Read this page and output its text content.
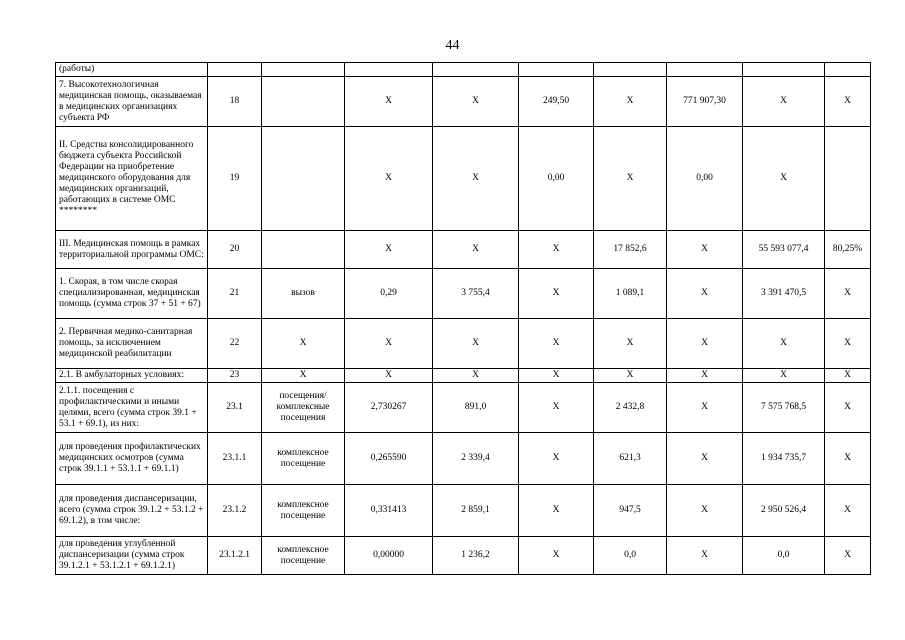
44
(работы)									
7. Высокотехнологичная медицинская помощь, оказываемая в медицинских организациях субъекта РФ	18		Х	Х	249,50	Х	771 907,30	Х	Х
II. Средства консолидированного бюджета субъекта Российской Федерации на приобретение медицинского оборудования для медицинских организаций, работающих в системе ОМС ********	19		Х	Х	0,00	Х	0,00	Х	
III. Медицинская помощь в рамках территориальной программы ОМС:	20		Х	Х	Х	17 852,6	Х	55 593 077,4	80,25%
1. Скорая, в том числе скорая специализированная, медицинская помощь (сумма строк 37 + 51 + 67)	21	вызов	0,29	3 755,4	Х	1 089,1	Х	3 391 470,5	Х
2. Первичная медико-санитарная помощь, за исключением медицинской реабилитации	22	Х	Х	Х	Х	Х	Х	Х	Х
2.1. В амбулаторных условиях:	23	Х	Х	Х	Х	Х	Х	Х	Х
2.1.1. посещения с профилактическими и иными целями, всего (сумма строк 39.1 + 53.1 + 69.1), из них:	23.1	посещения/комплексные посещения	2,730267	891,0	Х	2 432,8	Х	7 575 768,5	Х
для проведения профилактических медицинских осмотров (сумма строк 39.1.1 + 53.1.1 + 69.1.1)	23.1.1	комплексное посещение	0,265590	2 339,4	Х	621,3	Х	1 934 735,7	Х
для проведения диспансеризации, всего (сумма строк 39.1.2 + 53.1.2 + 69.1.2), в том числе:	23.1.2	комплексное посещение	0,331413	2 859,1	Х	947,5	Х	2 950 526,4	Х
для проведения углубленной диспансеризации (сумма строк 39.1.2.1 + 53.1.2.1 + 69.1.2.1)	23.1.2.1	комплексное посещение	0,00000	1 236,2	Х	0,0	Х	0,0	Х
